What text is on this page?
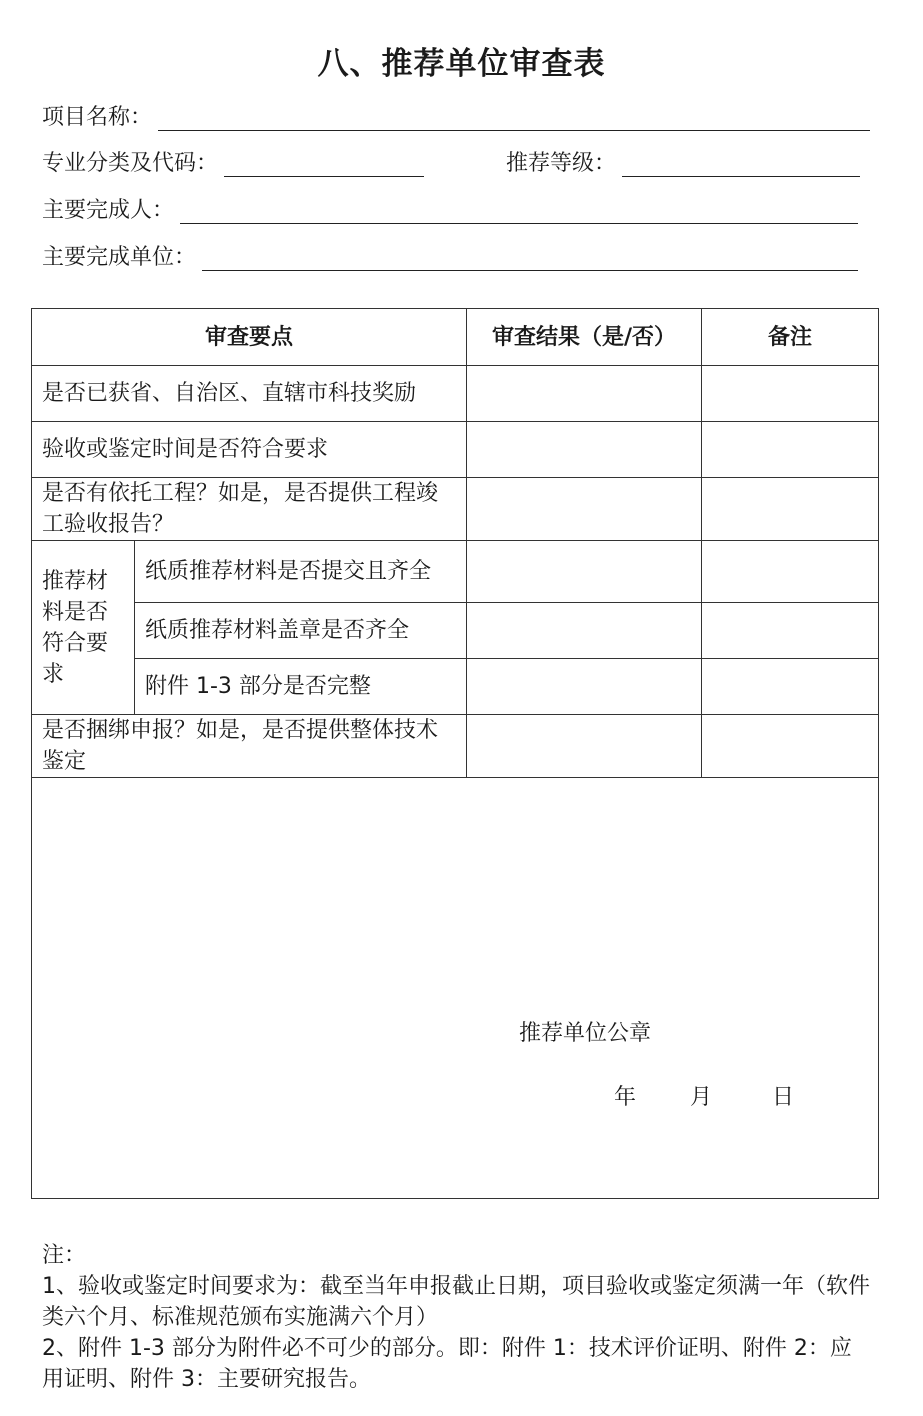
八、推荐单位审查表
项目名称：
专业分类及代码：	推荐等级：
主要完成人：
主要完成单位：
审查要点		审查结果（是/否）	备注
是否已获省、自治区、直辖市科技奖励			
验收或鉴定时间是否符合要求			
是否有依托工程？如是，是否提供工程竣工验收报告？			
推荐材料是否符合要求	纸质推荐材料是否提交且齐全		
	纸质推荐材料盖章是否齐全		
	附件 1-3 部分是否完整		
是否捆绑申报？如是，是否提供整体技术鉴定			

推荐单位公章
年 月 日			
注：
1、验收或鉴定时间要求为：截至当年申报截止日期，项目验收或鉴定须满一年（软件类六个月、标准规范颁布实施满六个月）
2、附件 1-3 部分为附件必不可少的部分。即：附件 1：技术评价证明、附件 2：应用证明、附件 3：主要研究报告。
